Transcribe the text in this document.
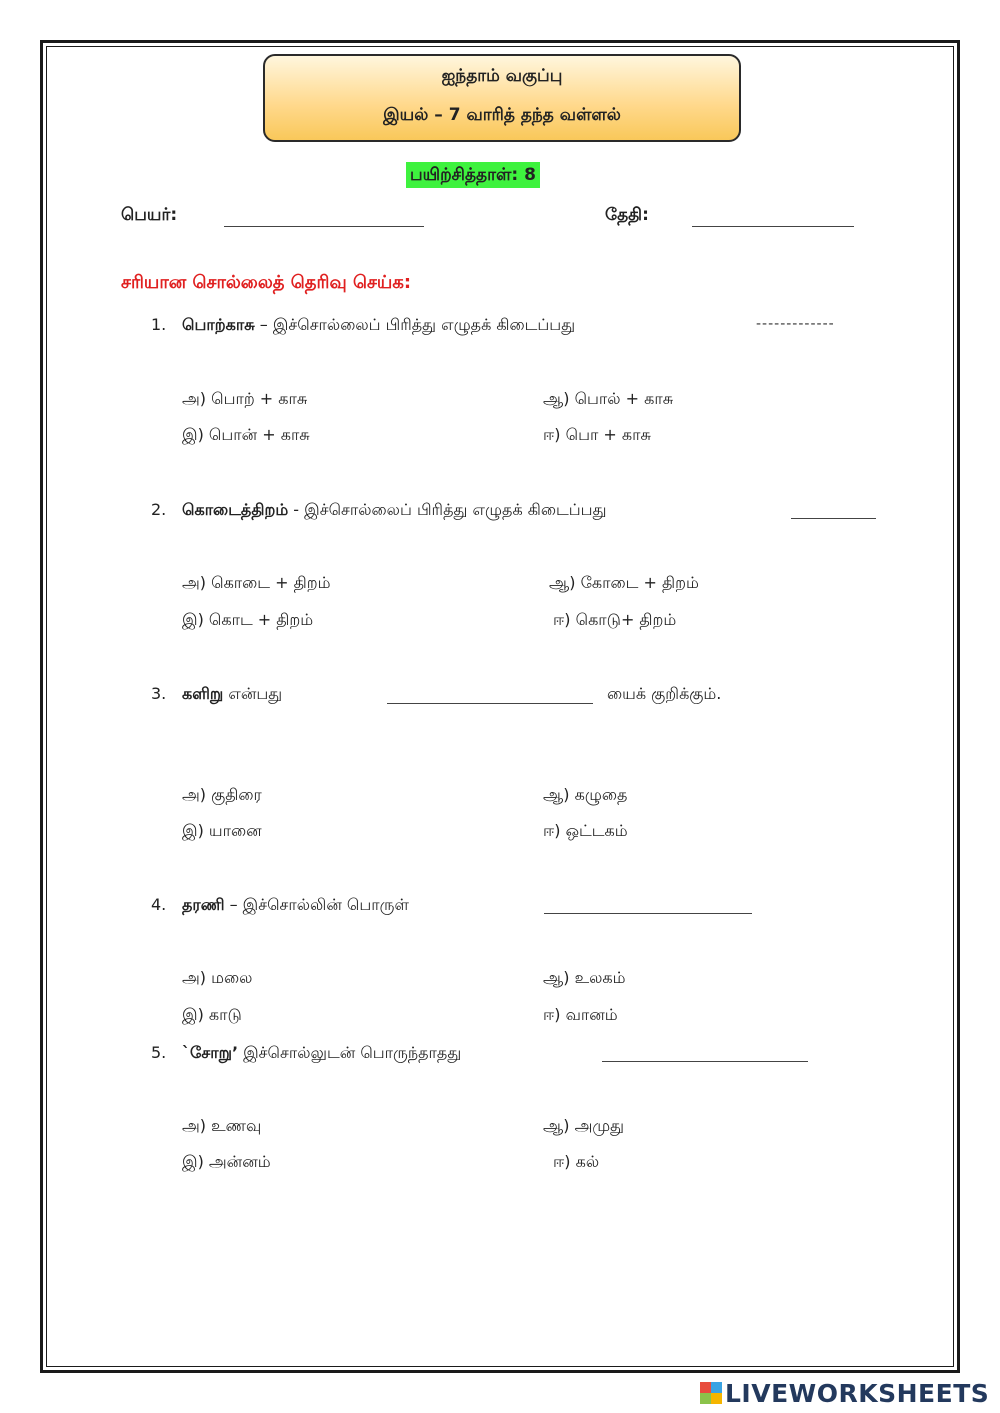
ஐந்தாம் வகுப்பு
இயல் – 7 வாரித் தந்த வள்ளல்
பயிற்சித்தாள்: 8
பெயர்:	தேதி:
சரியான சொல்லைத் தெரிவு செய்க:
1. பொற்காசு – இச்சொல்லைப் பிரித்து எழுதக் கிடைப்பது	-------------
அ) பொற் + காசு	ஆ) பொல் + காசு
இ) பொன் + காசு	ஈ) பொ + காசு
2. கொடைத்திறம் - இச்சொல்லைப் பிரித்து எழுதக் கிடைப்பது
அ) கொடை + திறம்	ஆ) கோடை + திறம்
இ) கொட + திறம்	ஈ) கொடு+ திறம்
3. களிறு என்பது	யைக் குறிக்கும்.
அ) குதிரை	ஆ) கழுதை
இ) யானை	ஈ) ஒட்டகம்
4. தரணி – இச்சொல்லின் பொருள்
அ) மலை	ஆ) உலகம்
இ) காடு	ஈ) வானம்
5. `சோறு’ இச்சொல்லுடன் பொருந்தாதது
அ) உணவு	ஆ) அமுது
இ) அன்னம்	ஈ) கல்
LIVEWORKSHEETS
